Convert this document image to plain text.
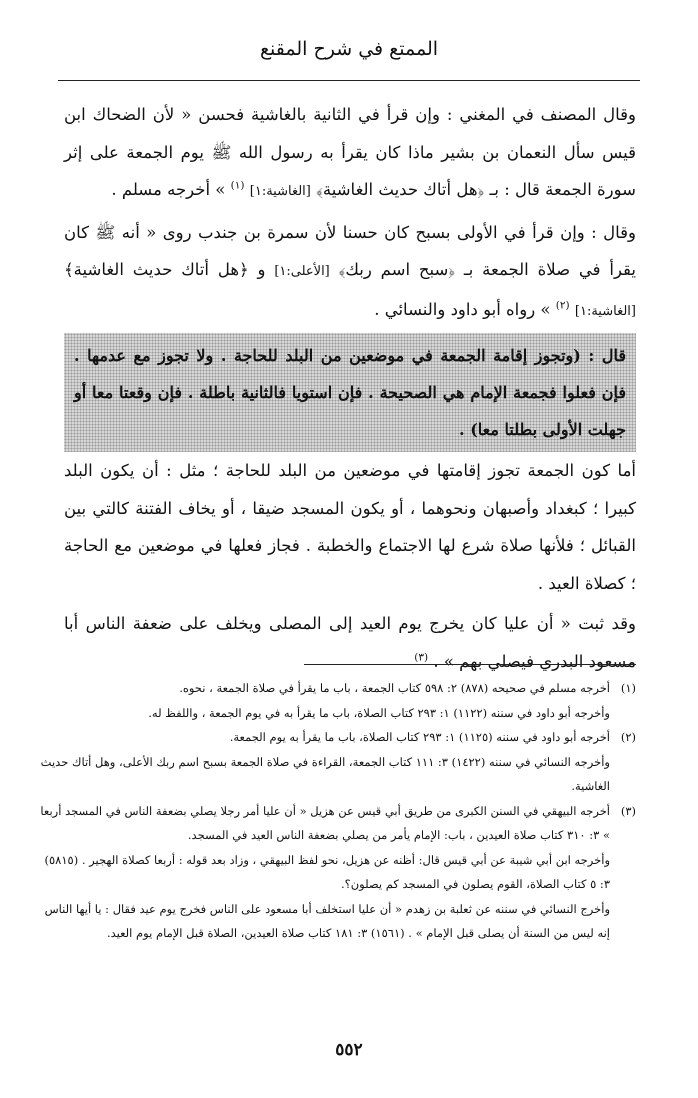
الممتع في شرح المقنع

وقال المصنف في المغني : وإن قرأ في الثانية بالغاشية فحسن « لأن الضحاك ابن قيس سأل النعمان بن بشير ماذا كان يقرأ به رسول الله ﷺ يوم الجمعة على إثر سورة الجمعة قال : بـ ﴿هل أتاك حديث الغاشية﴾ [الغاشية:١] $^{(١)}$ » أخرجه مسلم .

وقال : وإن قرأ في الأولى بسبح كان حسنا لأن سمرة بن جندب روى « أنه ﷺ كان يقرأ في صلاة الجمعة بـ ﴿سبح اسم ربك﴾ [الأعلى:١] و ﴿هل أتاك حديث الغاشية﴾ [الغاشية:١] $^{(٢)}$ » رواه أبو داود والنسائي .

قال : (وتجوز إقامة الجمعة في موضعين من البلد للحاجة . ولا تجوز مع عدمها . فإن فعلوا فجمعة الإمام هي الصحيحة . فإن استويا فالثانية باطلة . فإن وقعتا معا أو جهلت الأولى بطلتا معا) .

أما كون الجمعة تجوز إقامتها في موضعين من البلد للحاجة ؛ مثل : أن يكون البلد كبيرا ؛ كبغداد وأصبهان ونحوهما ، أو يكون المسجد ضيقا ، أو يخاف الفتنة كالتي بين القبائل ؛ فلأنها صلاة شرع لها الاجتماع والخطبة . فجاز فعلها في موضعين مع الحاجة ؛ كصلاة العيد .

وقد ثبت « أن عليا كان يخرج يوم العيد إلى المصلى ويخلف على ضعفة الناس أبا مسعود البدري فيصلي بهم » . $^{(٣)}$

(١)

أخرجه مسلم في صحيحه (٨٧٨) ٢: ٥٩٨ كتاب الجمعة ، باب ما يقرأ في صلاة الجمعة ، نحوه.

وأخرجه أبو داود في سننه (١١٢٢) ١: ٢٩٣ كتاب الصلاة، باب ما يقرأ به في يوم الجمعة ، واللفظ له.

(٢)

أخرجه أبو داود في سننه (١١٢٥) ١: ٢٩٣ كتاب الصلاة، باب ما يقرأ به يوم الجمعة.

وأخرجه النسائي في سننه (١٤٢٢) ٣: ١١١ كتاب الجمعة، القراءة في صلاة الجمعة بسبح اسم ربك الأعلى، وهل أتاك حديث الغاشية.

(٣)

أخرجه البيهقي في السنن الكبرى من طريق أبي قيس عن هزيل « أن عليا أمر رجلا يصلي بضعفة الناس في المسجد أربعا » ٣: ٣١٠ كتاب صلاة العيدين ، باب: الإمام يأمر من يصلي بضعفة الناس العيد في المسجد.

وأخرجه ابن أبي شيبة عن أبي قيس قال: أظنه عن هزيل، نحو لفظ البيهقي ، وزاد بعد قوله : أربعا كصلاة الهجير . (٥٨١٥) ٣: ٥ كتاب الصلاة، القوم يصلون في المسجد كم يصلون؟.

وأخرج النسائي في سننه عن ثعلبة بن زهدم « أن عليا استخلف أبا مسعود على الناس فخرج يوم عيد فقال : يا أيها الناس إنه ليس من السنة أن يصلى قبل الإمام » . (١٥٦١) ٣: ١٨١ كتاب صلاة العيدين، الصلاة قبل الإمام يوم العيد.

٥٥٢
